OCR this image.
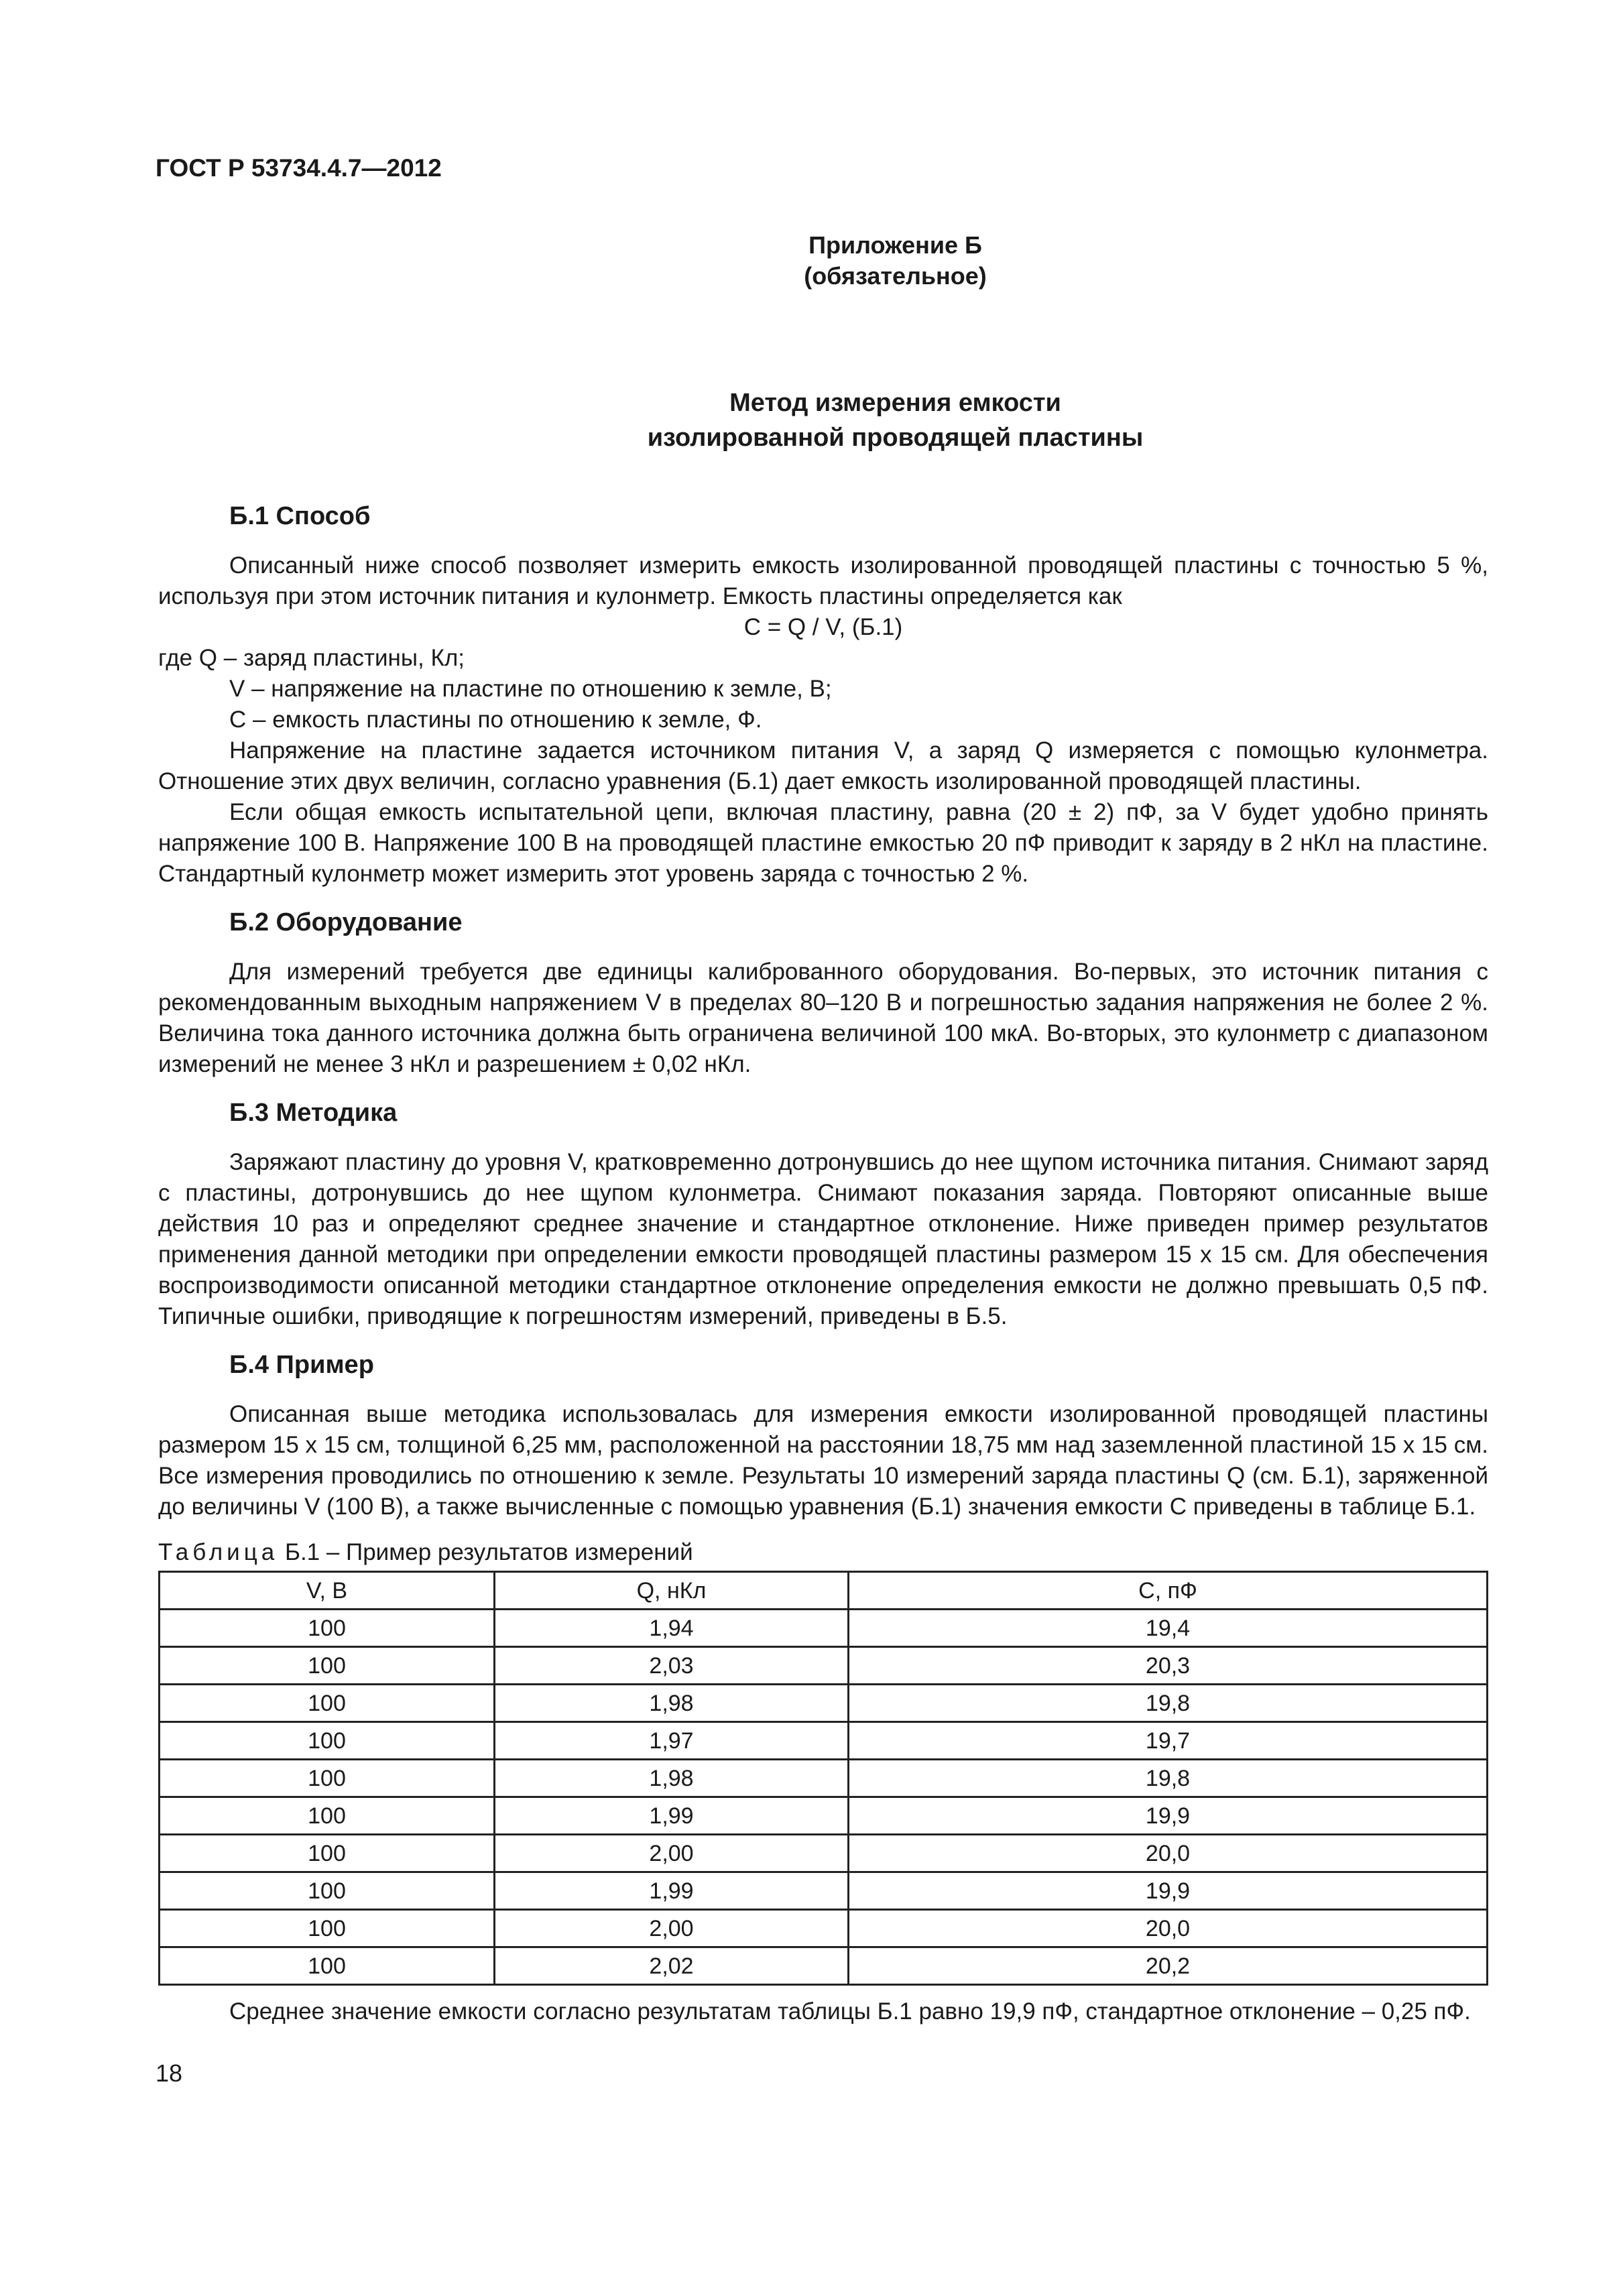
ГОСТ Р 53734.4.7—2012
Приложение Б
(обязательное)
Метод измерения емкости
изолированной проводящей пластины
Б.1 Способ

Описанный ниже способ позволяет измерить емкость изолированной проводящей пластины с точностью 5 %, используя при этом источник питания и кулонметр. Емкость пластины определяется как

C = Q / V, (Б.1)

где Q – заряд пластины, Кл;

V – напряжение на пластине по отношению к земле, В;

C – емкость пластины по отношению к земле, Ф.

Напряжение на пластине задается источником питания V, а заряд Q измеряется с помощью кулонметра. Отношение этих двух величин, согласно уравнения (Б.1) дает емкость изолированной проводящей пластины.

Если общая емкость испытательной цепи, включая пластину, равна (20 ± 2) пФ, за V будет удобно принять напряжение 100 В. Напряжение 100 В на проводящей пластине емкостью 20 пФ приводит к заряду в 2 нКл на пластине. Стандартный кулонметр может измерить этот уровень заряда с точностью 2 %.

Б.2 Оборудование

Для измерений требуется две единицы калиброванного оборудования. Во-первых, это источник питания с рекомендованным выходным напряжением V в пределах 80–120 В и погрешностью задания напряжения не более 2 %. Величина тока данного источника должна быть ограничена величиной 100 мкА. Во-вторых, это кулонметр с диапазоном измерений не менее 3 нКл и разрешением ± 0,02 нКл.

Б.3 Методика

Заряжают пластину до уровня V, кратковременно дотронувшись до нее щупом источника питания. Снимают заряд с пластины, дотронувшись до нее щупом кулонметра. Снимают показания заряда. Повторяют описанные выше действия 10 раз и определяют среднее значение и стандартное отклонение. Ниже приведен пример результатов применения данной методики при определении емкости проводящей пластины размером 15 х 15 см. Для обеспечения воспроизводимости описанной методики стандартное отклонение определения емкости не должно превышать 0,5 пФ. Типичные ошибки, приводящие к погрешностям измерений, приведены в Б.5.

Б.4 Пример

Описанная выше методика использовалась для измерения емкости изолированной проводящей пластины размером 15 х 15 см, толщиной 6,25 мм, расположенной на расстоянии 18,75 мм над заземленной пластиной 15 х 15 см. Все измерения проводились по отношению к земле. Результаты 10 измерений заряда пластины Q (см. Б.1), заряженной до величины V (100 В), а также вычисленные с помощью уравнения (Б.1) значения емкости C приведены в таблице Б.1.

Таблица Б.1 – Пример результатов измерений

V, В	Q, нКл	C, пФ
100	1,94	19,4
100	2,03	20,3
100	1,98	19,8
100	1,97	19,7
100	1,98	19,8
100	1,99	19,9
100	2,00	20,0
100	1,99	19,9
100	2,00	20,0
100	2,02	20,2

Среднее значение емкости согласно результатам таблицы Б.1 равно 19,9 пФ, стандартное отклонение – 0,25 пФ.

18
